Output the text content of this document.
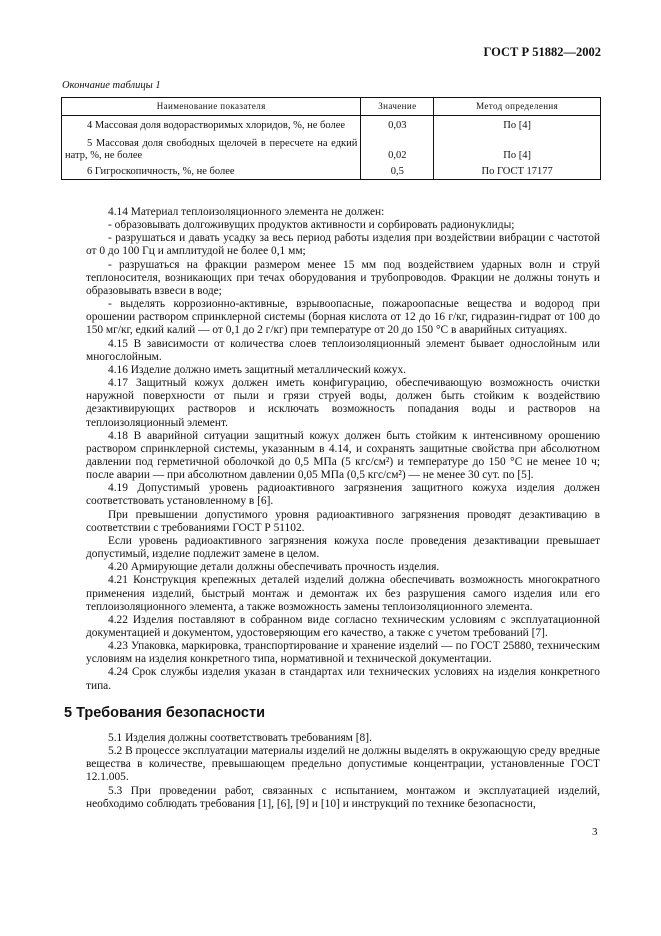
ГОСТ Р 51882—2002
Окончание таблицы 1
Наименование показателя	Значение	Метод определения
4 Массовая доля водорастворимых хлоридов, %, не более	0,03	По [4]
5 Массовая доля свободных щелочей в пересчете на едкий натр, %, не более	0,02	По [4]
6 Гигроскопичность, %, не более	0,5	По ГОСТ 17177

4.14 Материал теплоизоляционного элемента не должен:

- образовывать долгоживущих продуктов активности и сорбировать радионуклиды;

- разрушаться и давать усадку за весь период работы изделия при воздействии вибрации с частотой от 0 до 100 Гц и амплитудой не более 0,1 мм;

- разрушаться на фракции размером менее 15 мм под воздействием ударных волн и струй теплоносителя, возникающих при течах оборудования и трубопроводов. Фракции не должны тонуть и образовывать взвеси в воде;

- выделять коррозионно-активные, взрывоопасные, пожароопасные вещества и водород при орошении раствором спринклерной системы (борная кислота от 12 до 16 г/кг, гидразин-гидрат от 100 до 150 мг/кг, едкий калий — от 0,1 до 2 г/кг) при температуре от 20 до 150 °С в аварийных ситуациях.

4.15 В зависимости от количества слоев теплоизоляционный элемент бывает однослойным или многослойным.

4.16 Изделие должно иметь защитный металлический кожух.

4.17 Защитный кожух должен иметь конфигурацию, обеспечивающую возможность очистки наружной поверхности от пыли и грязи струей воды, должен быть стойким к воздействию дезактивирующих растворов и исключать возможность попадания воды и растворов на теплоизоляционный элемент.

4.18 В аварийной ситуации защитный кожух должен быть стойким к интенсивному орошению раствором спринклерной системы, указанным в 4.14, и сохранять защитные свойства при абсолютном давлении под герметичной оболочкой до 0,5 МПа (5 кгс/см²) и температуре до 150 °С не менее 10 ч; после аварии — при абсолютном давлении 0,05 МПа (0,5 кгс/см²) — не менее 30 сут. по [5].

4.19 Допустимый уровень радиоактивного загрязнения защитного кожуха изделия должен соответствовать установленному в [6].

При превышении допустимого уровня радиоактивного загрязнения проводят дезактивацию в соответствии с требованиями ГОСТ Р 51102.

Если уровень радиоактивного загрязнения кожуха после проведения дезактивации превышает допустимый, изделие подлежит замене в целом.

4.20 Армирующие детали должны обеспечивать прочность изделия.

4.21 Конструкция крепежных деталей изделий должна обеспечивать возможность многократного применения изделий, быстрый монтаж и демонтаж их без разрушения самого изделия или его теплоизоляционного элемента, а также возможность замены теплоизоляционного элемента.

4.22 Изделия поставляют в собранном виде согласно техническим условиям с эксплуатационной документацией и документом, удостоверяющим его качество, а также с учетом требований [7].

4.23 Упаковка, маркировка, транспортирование и хранение изделий — по ГОСТ 25880, техническим условиям на изделия конкретного типа, нормативной и технической документации.

4.24 Срок службы изделия указан в стандартах или технических условиях на изделия конкретного типа.

5 Требования безопасности

5.1 Изделия должны соответствовать требованиям [8].

5.2 В процессе эксплуатации материалы изделий не должны выделять в окружающую среду вредные вещества в количестве, превышающем предельно допустимые концентрации, установленные ГОСТ 12.1.005.

5.3 При проведении работ, связанных с испытанием, монтажом и эксплуатацией изделий, необходимо соблюдать требования [1], [6], [9] и [10] и инструкций по технике безопасности,

3
